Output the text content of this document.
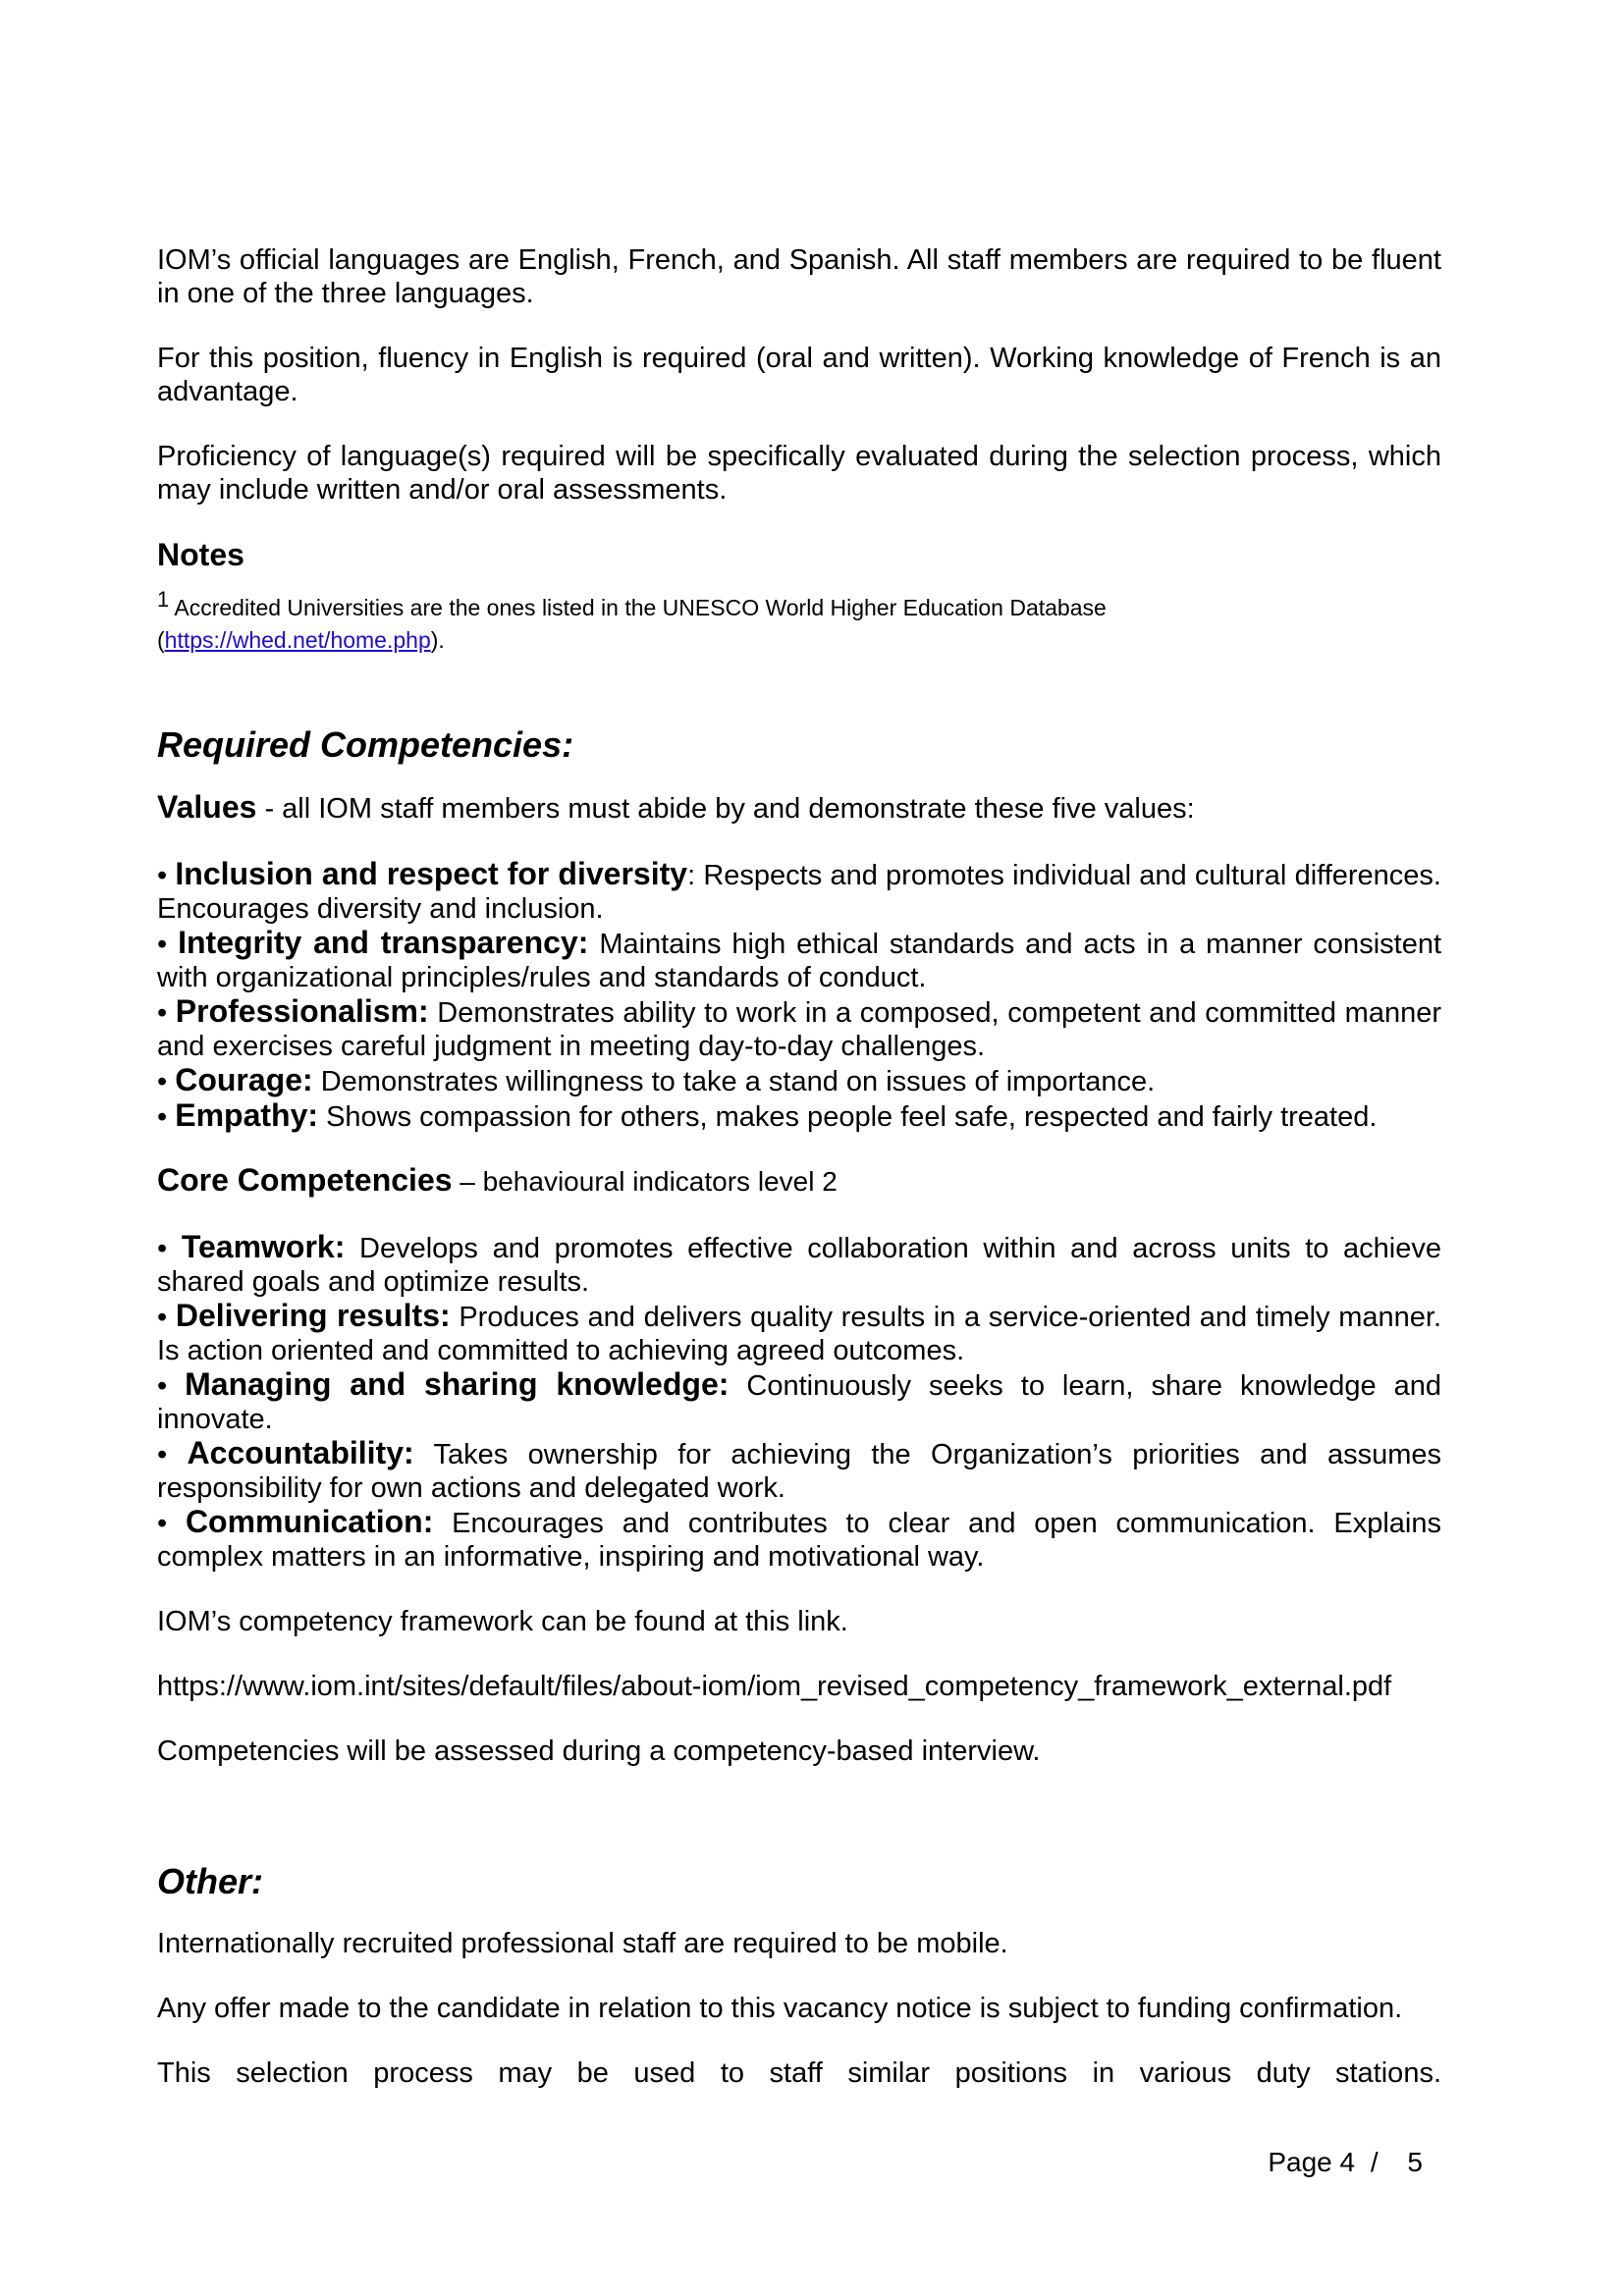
IOM’s official languages are English, French, and Spanish. All staff members are required to be fluent in one of the three languages.

For this position, fluency in English is required (oral and written). Working knowledge of French is an advantage.

Proficiency of language(s) required will be specifically evaluated during the selection process, which may include written and/or oral assessments.

Notes
$^1$ Accredited Universities are the ones listed in the UNESCO World Higher Education Database
(https://whed.net/home.php).
Required Competencies:

Values - all IOM staff members must abide by and demonstrate these five values:

• Inclusion and respect for diversity: Respects and promotes individual and cultural differences. Encourages diversity and inclusion.

• Integrity and transparency: Maintains high ethical standards and acts in a manner consistent with organizational principles/rules and standards of conduct.

• Professionalism: Demonstrates ability to work in a composed, competent and committed manner and exercises careful judgment in meeting day-to-day challenges.

• Courage: Demonstrates willingness to take a stand on issues of importance.

• Empathy: Shows compassion for others, makes people feel safe, respected and fairly treated.

Core Competencies – behavioural indicators level 2

• Teamwork: Develops and promotes effective collaboration within and across units to achieve shared goals and optimize results.

• Delivering results: Produces and delivers quality results in a service-oriented and timely manner. Is action oriented and committed to achieving agreed outcomes.

• Managing and sharing knowledge: Continuously seeks to learn, share knowledge and innovate.

• Accountability: Takes ownership for achieving the Organization’s priorities and assumes responsibility for own actions and delegated work.

• Communication: Encourages and contributes to clear and open communication. Explains complex matters in an informative, inspiring and motivational way.

IOM’s competency framework can be found at this link.

https://www.iom.int/sites/default/files/about-iom/iom_revised_competency_framework_external.pdf

Competencies will be assessed during a competency-based interview.

Other:

Internationally recruited professional staff are required to be mobile.

Any offer made to the candidate in relation to this vacancy notice is subject to funding confirmation.

This selection process may be used to staff similar positions in various duty stations.

Page 4 / 5
